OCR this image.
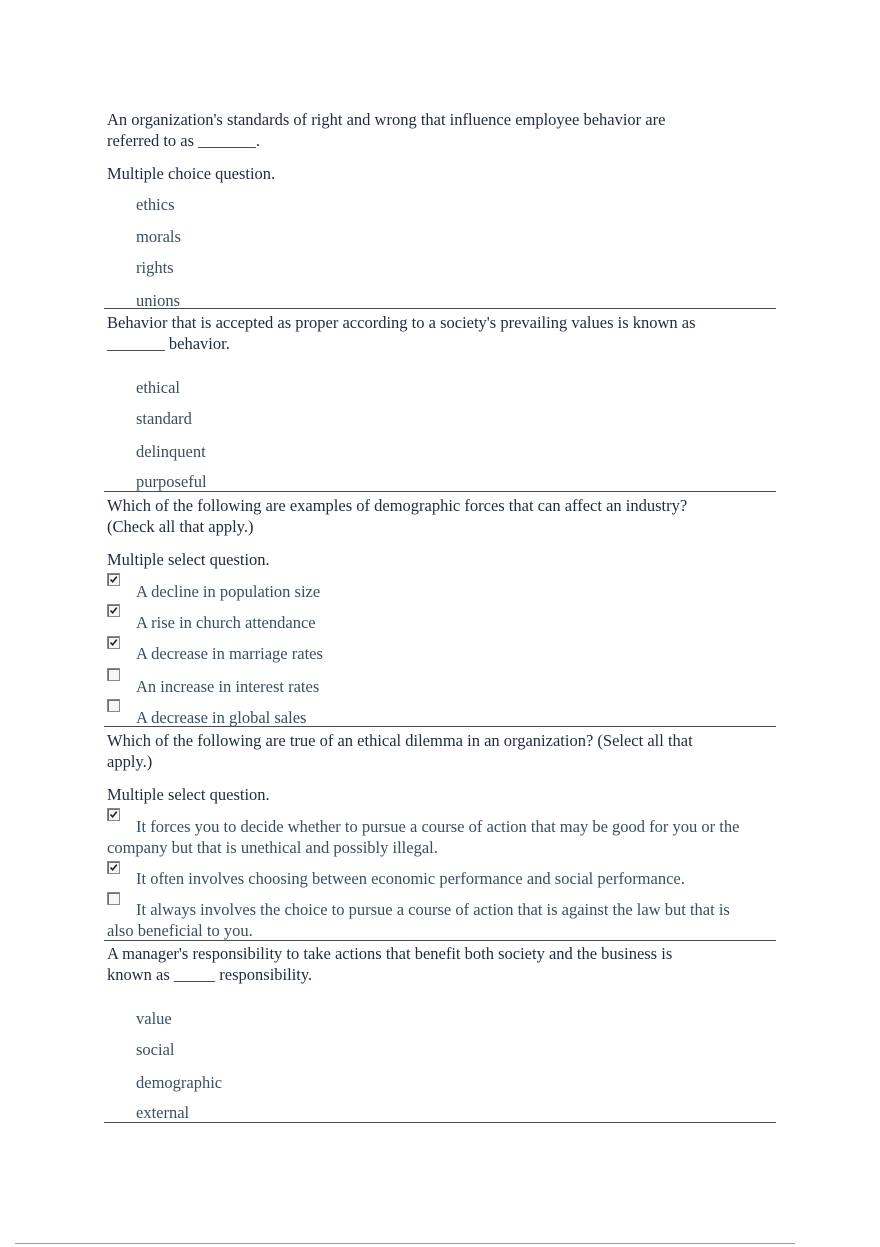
An organization's standards of right and wrong that influence employee behavior are referred to as _______.
Multiple choice question.
ethics
morals
rights
unions
Behavior that is accepted as proper according to a society's prevailing values is known as _______ behavior.
ethical
standard
delinquent
purposeful
Which of the following are examples of demographic forces that can affect an industry? (Check all that apply.)
Multiple select question.
A decline in population size
A rise in church attendance
A decrease in marriage rates
An increase in interest rates
A decrease in global sales
Which of the following are true of an ethical dilemma in an organization? (Select all that apply.)
Multiple select question.
It forces you to decide whether to pursue a course of action that may be good for you or the company but that is unethical and possibly illegal.
It often involves choosing between economic performance and social performance.
It always involves the choice to pursue a course of action that is against the law but that is also beneficial to you.
A manager's responsibility to take actions that benefit both society and the business is known as _____ responsibility.
value
social
demographic
external
